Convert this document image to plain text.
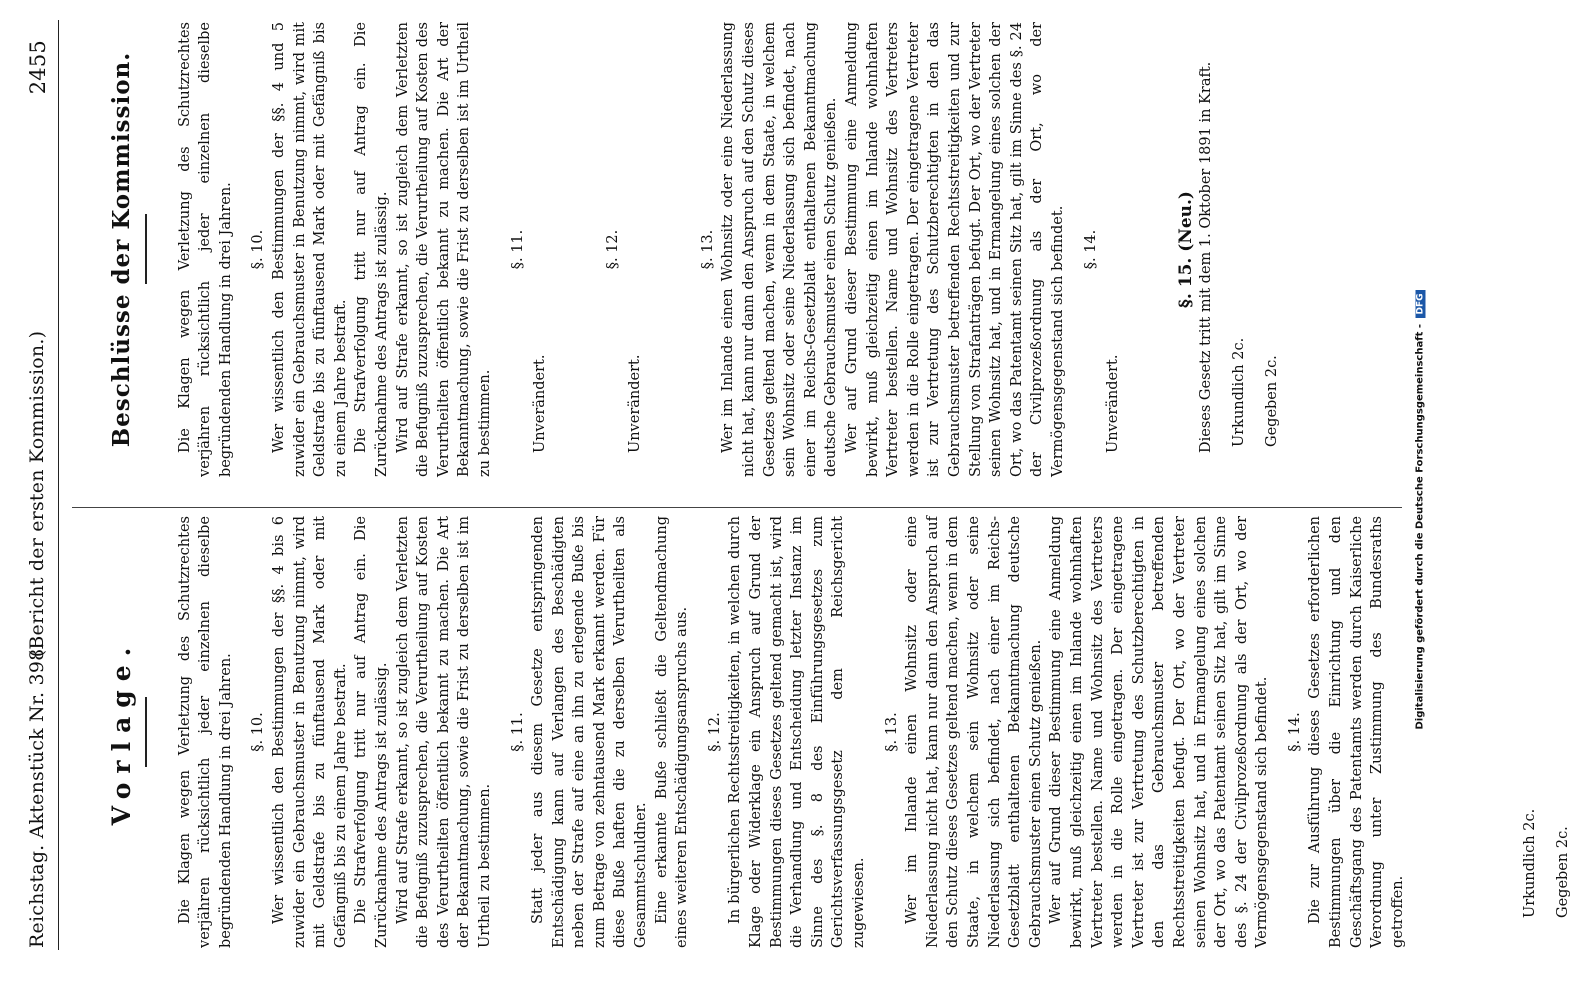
Reichstag. Aktenstück Nr. 398.
(Bericht der ersten Kommission.)
2455
Vorlage.	Die Klagen wegen Verletzung des Schutzrechtes verjähren rücksichtlich jeder einzelnen dieselbe begründenden Handlung in drei Jahren. §. 10. Wer wissentlich den Bestimmungen der §§. 4 bis 6 zuwider ein Gebrauchsmuster in Benutzung nimmt, wird mit Geldstrafe bis zu fünftausend Mark oder mit Gefängniß bis zu einem Jahre bestraft. Die Strafverfolgung tritt nur auf Antrag ein. Die Zurücknahme des Antrags ist zulässig. Wird auf Strafe erkannt, so ist zugleich dem Verletzten die Befugniß zuzusprechen, die Verurtheilung auf Kosten des Verurtheilten öffentlich bekannt zu machen. Die Art der Bekanntmachung, sowie die Frist zu derselben ist im Urtheil zu bestimmen.

§. 11. Statt jeder aus diesem Gesetze entspringenden Entschädigung kann auf Verlangen des Beschädigten neben der Strafe auf eine an ihn zu erlegende Buße bis zum Betrage von zehntausend Mark erkannt werden. Für diese Buße haften die zu derselben Verurtheilten als Gesammtschuldner. Eine erkannte Buße schließt die Geltendmachung eines weiteren Entschädigungsanspruchs aus. §. 12. In bürgerlichen Rechtsstreitigkeiten, in welchen durch Klage oder Widerklage ein Anspruch auf Grund der Bestimmungen dieses Gesetzes geltend gemacht ist, wird die Verhandlung und Entscheidung letzter Instanz im Sinne des §. 8 des Einführungsgesetzes zum Gerichtsverfassungsgesetz dem Reichsgericht zugewiesen.

§. 13. Wer im Inlande einen Wohnsitz oder eine Niederlassung nicht hat, kann nur dann den Anspruch auf den Schutz dieses Gesetzes geltend machen, wenn in dem Staate, in welchem sein Wohnsitz oder seine Niederlassung sich befindet, nach einer im Reichs-Gesetzblatt enthaltenen Bekanntmachung deutsche Gebrauchsmuster einen Schutz genießen. Wer auf Grund dieser Bestimmung eine Anmeldung bewirkt, muß gleichzeitig einen im Inlande wohnhaften Vertreter bestellen. Name und Wohnsitz des Vertreters werden in die Rolle eingetragen. Der eingetragene Vertreter ist zur Vertretung des Schutzberechtigten in den das Gebrauchsmuster betreffenden Rechtsstreitigkeiten befugt. Der Ort, wo der Vertreter seinen Wohnsitz hat, und in Ermangelung eines solchen der Ort, wo das Patentamt seinen Sitz hat, gilt im Sinne des §. 24 der Civilprozeßordnung als der Ort, wo der Vermögensgegenstand sich befindet. §. 14. Die zur Ausführung dieses Gesetzes erforderlichen Bestimmungen über die Einrichtung und den Geschäftsgang des Patentamts werden durch Kaiserliche Verordnung unter Zustimmung des Bundesraths getroffen.	Urkundlich 2c. Gegeben 2c.

Beschlüsse der Kommission.	Die Klagen wegen Verletzung des Schutzrechtes verjähren rücksichtlich jeder einzelnen dieselbe begründenden Handlung in drei Jahren. §. 10. Wer wissentlich den Bestimmungen der §§. 4 und 5 zuwider ein Gebrauchsmuster in Benutzung nimmt, wird mit Geldstrafe bis zu fünftausend Mark oder mit Gefängniß bis zu einem Jahre bestraft. Die Strafverfolgung tritt nur auf Antrag ein. Die Zurücknahme des Antrags ist zulässig. Wird auf Strafe erkannt, so ist zugleich dem Verletzten die Befugniß zuzusprechen, die Verurtheilung auf Kosten des Verurtheilten öffentlich bekannt zu machen. Die Art der Bekanntmachung, sowie die Frist zu derselben ist im Urtheil zu bestimmen.

§. 11.

Unverändert.

§. 12.

Unverändert.

§. 13. Wer im Inlande einen Wohnsitz oder eine Niederlassung nicht hat, kann nur dann den Anspruch auf den Schutz dieses Gesetzes geltend machen, wenn in dem Staate, in welchem sein Wohnsitz oder seine Niederlassung sich befindet, nach einer im Reichs-Gesetzblatt enthaltenen Bekanntmachung deutsche Gebrauchsmuster einen Schutz genießen. Wer auf Grund dieser Bestimmung eine Anmeldung bewirkt, muß gleichzeitig einen im Inlande wohnhaften Vertreter bestellen. Name und Wohnsitz des Vertreters werden in die Rolle eingetragen. Der eingetragene Vertreter ist zur Vertretung des Schutzberechtigten in den das Gebrauchsmuster betreffenden Rechtsstreitigkeiten und zur Stellung von Strafanträgen befugt. Der Ort, wo der Vertreter seinen Wohnsitz hat, und in Ermangelung eines solchen der Ort, wo das Patentamt seinen Sitz hat, gilt im Sinne des §. 24 der Civilprozeßordnung als der Ort, wo der Vermögensgegenstand sich befindet. §. 14.

Unverändert.

§. 15. (Neu.) Dieses Gesetz tritt mit dem 1. Oktober 1891 in Kraft. Urkundlich 2c. Gegeben 2c.	Digitalisierung gefördert durch die Deutsche Forschungsgemeinschaft - DFG
